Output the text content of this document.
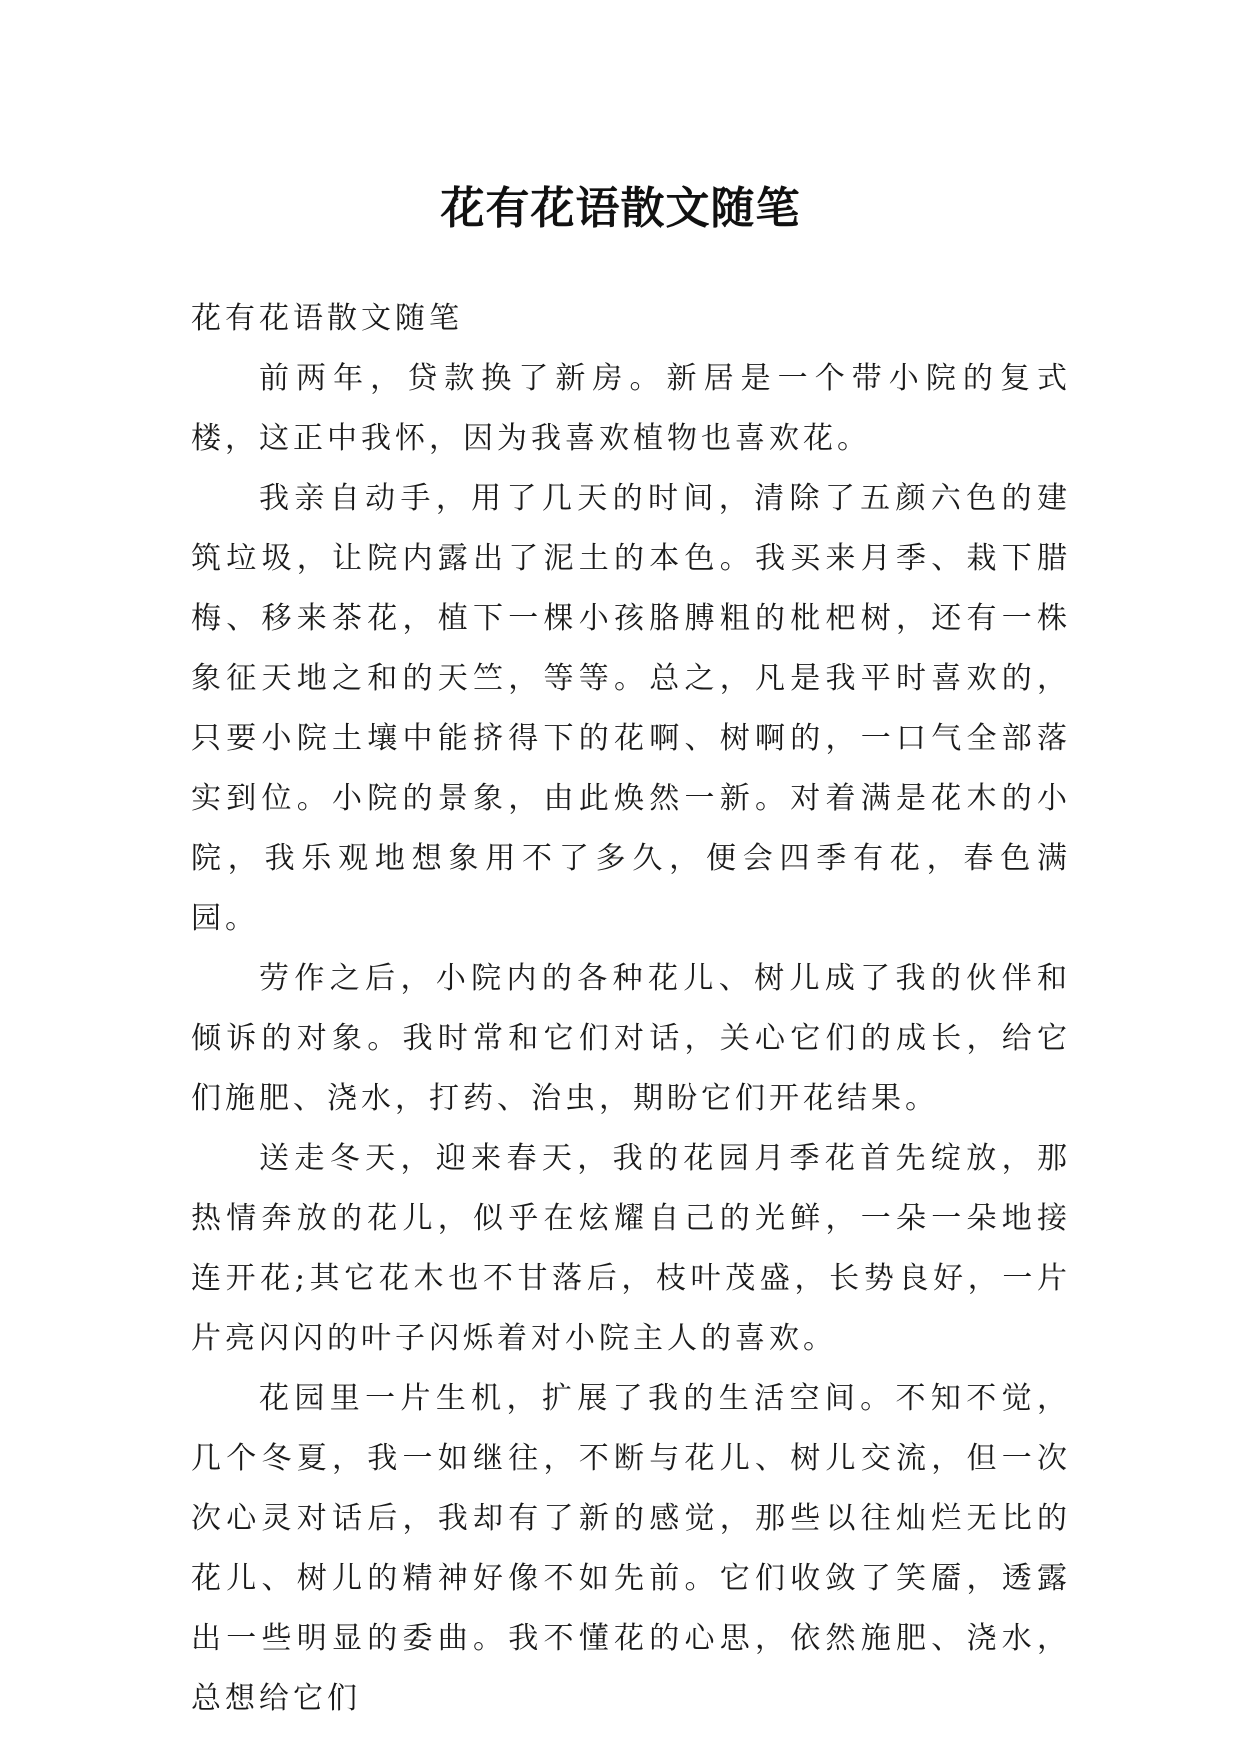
花有花语散文随笔

花有花语散文随笔

前两年，贷款换了新房。新居是一个带小院的复式楼，这正中我怀，因为我喜欢植物也喜欢花。

我亲自动手，用了几天的时间，清除了五颜六色的建筑垃圾，让院内露出了泥土的本色。我买来月季、栽下腊梅、移来茶花，植下一棵小孩胳膊粗的枇杷树，还有一株象征天地之和的天竺，等等。总之，凡是我平时喜欢的，只要小院土壤中能挤得下的花啊、树啊的，一口气全部落实到位。小院的景象，由此焕然一新。对着满是花木的小院，我乐观地想象用不了多久，便会四季有花，春色满园。

劳作之后，小院内的各种花儿、树儿成了我的伙伴和倾诉的对象。我时常和它们对话，关心它们的成长，给它们施肥、浇水，打药、治虫，期盼它们开花结果。

送走冬天，迎来春天，我的花园月季花首先绽放，那热情奔放的花儿，似乎在炫耀自己的光鲜，一朵一朵地接连开花;其它花木也不甘落后，枝叶茂盛，长势良好，一片片亮闪闪的叶子闪烁着对小院主人的喜欢。

花园里一片生机，扩展了我的生活空间。不知不觉，几个冬夏，我一如继往，不断与花儿、树儿交流，但一次次心灵对话后，我却有了新的感觉，那些以往灿烂无比的花儿、树儿的精神好像不如先前。它们收敛了笑靥，透露出一些明显的委曲。我不懂花的心思，依然施肥、浇水，总想给它们
